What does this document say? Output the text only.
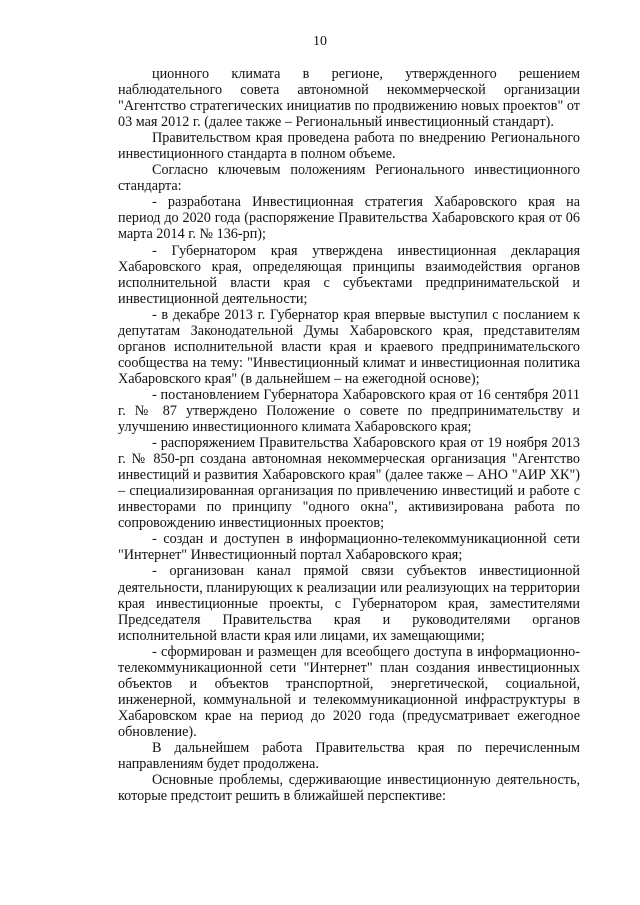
10

ционного климата в регионе, утвержденного решением наблюдательного совета автономной некоммерческой организации "Агентство стратегических инициатив по продвижению новых проектов" от 03 мая 2012 г. (далее также – Региональный инвестиционный стандарт).

Правительством края проведена работа по внедрению Регионального инвестиционного стандарта в полном объеме.

Согласно ключевым положениям Регионального инвестиционного стандарта:

- разработана Инвестиционная стратегия Хабаровского края на период до 2020 года (распоряжение Правительства Хабаровского края от 06 марта 2014 г. № 136-рп);

- Губернатором края утверждена инвестиционная декларация Хабаровского края, определяющая принципы взаимодействия органов исполнительной власти края с субъектами предпринимательской и инвестиционной деятельности;

- в декабре 2013 г. Губернатор края впервые выступил с посланием к депутатам Законодательной Думы Хабаровского края, представителям органов исполнительной власти края и краевого предпринимательского сообщества на тему: "Инвестиционный климат и инвестиционная политика Хабаровского края" (в дальнейшем – на ежегодной основе);

- постановлением Губернатора Хабаровского края от 16 сентября 2011 г. № 87 утверждено Положение о совете по предпринимательству и улучшению инвестиционного климата Хабаровского края;

- распоряжением Правительства Хабаровского края от 19 ноября 2013 г. № 850-рп создана автономная некоммерческая организация "Агентство инвестиций и развития Хабаровского края" (далее также – АНО "АИР ХК") – специализированная организация по привлечению инвестиций и работе с инвесторами по принципу "одного окна", активизирована работа по сопровождению инвестиционных проектов;

- создан и доступен в информационно-телекоммуникационной сети "Интернет" Инвестиционный портал Хабаровского края;

- организован канал прямой связи субъектов инвестиционной деятельности, планирующих к реализации или реализующих на территории края инвестиционные проекты, с Губернатором края, заместителями Председателя Правительства края и руководителями органов исполнительной власти края или лицами, их замещающими;

- сформирован и размещен для всеобщего доступа в информационно-телекоммуникационной сети "Интернет" план создания инвестиционных объектов и объектов транспортной, энергетической, социальной, инженерной, коммунальной и телекоммуникационной инфраструктуры в Хабаровском крае на период до 2020 года (предусматривает ежегодное обновление).

В дальнейшем работа Правительства края по перечисленным направлениям будет продолжена.

Основные проблемы, сдерживающие инвестиционную деятельность, которые предстоит решить в ближайшей перспективе:
